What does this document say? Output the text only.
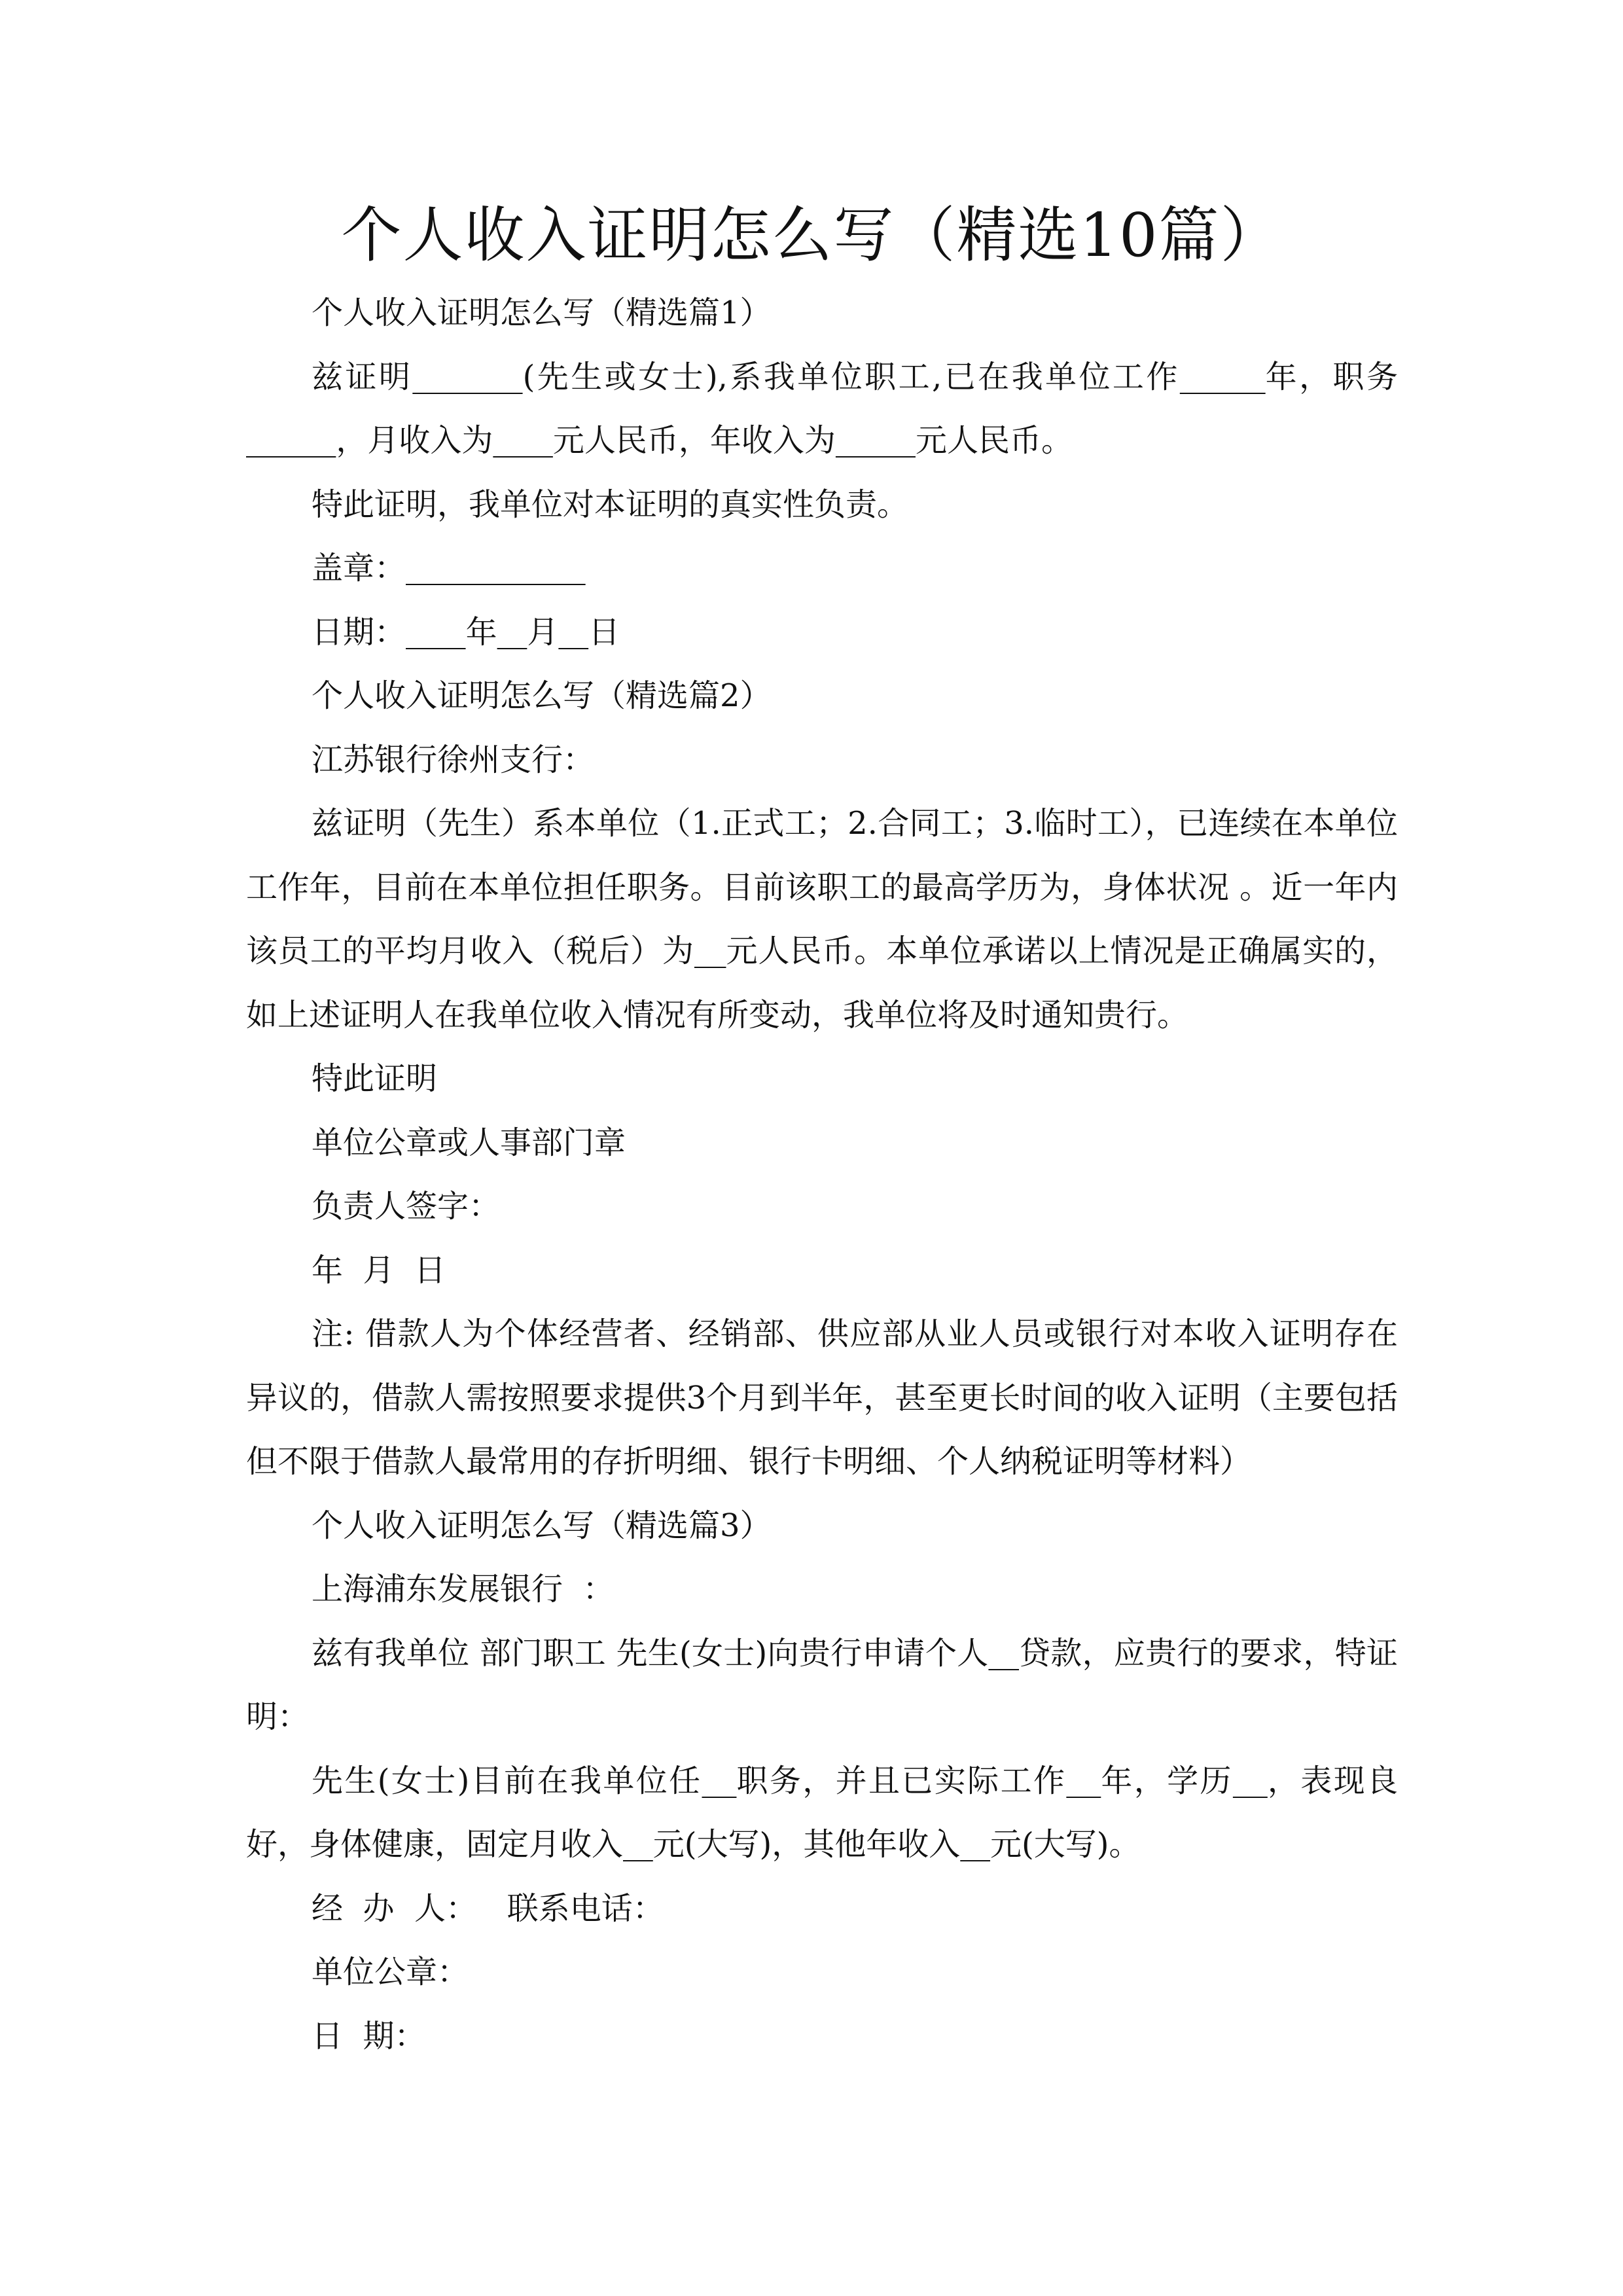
个人收入证明怎么写（精选10篇）

个人收入证明怎么写（精选篇1）

兹证明	(先生或女士),系我单位职工,已在我单位工作	年，职务         ，月收入为 元人民币，年收入为	元人民币。

特此证明，我单位对本证明的真实性负责。

盖章：

日期： 年 月 日

个人收入证明怎么写（精选篇2）

江苏银行徐州支行：

兹证明（先生）系本单位（1.正式工；2.合同工；3.临时工），已连续在本单位工作年，目前在本单位担任职务。目前该职工的最高学历为，身体状况 。近一年内该员工的平均月收入（税后）为 元人民币。本单位承诺以上情况是正确属实的，如上述证明人在我单位收入情况有所变动，我单位将及时通知贵行。

特此证明

单位公章或人事部门章

负责人签字：

年  月  日

注: 借款人为个体经营者、经销部、供应部从业人员或银行对本收入证明存在异议的，借款人需按照要求提供3个月到半年，甚至更长时间的收入证明（主要包括但不限于借款人最常用的存折明细、银行卡明细、个人纳税证明等材料）

个人收入证明怎么写（精选篇3）

上海浦东发展银行  ：

兹有我单位 部门职工 先生(女士)向贵行申请个人 贷款，应贵行的要求，特证明：

先生(女士)目前在我单位任 职务，并且已实际工作 年，学历 ，表现良好，身体健康，固定月收入 元(大写)，其他年收入 元(大写)。

经  办  人：   联系电话：

单位公章：

日  期：
